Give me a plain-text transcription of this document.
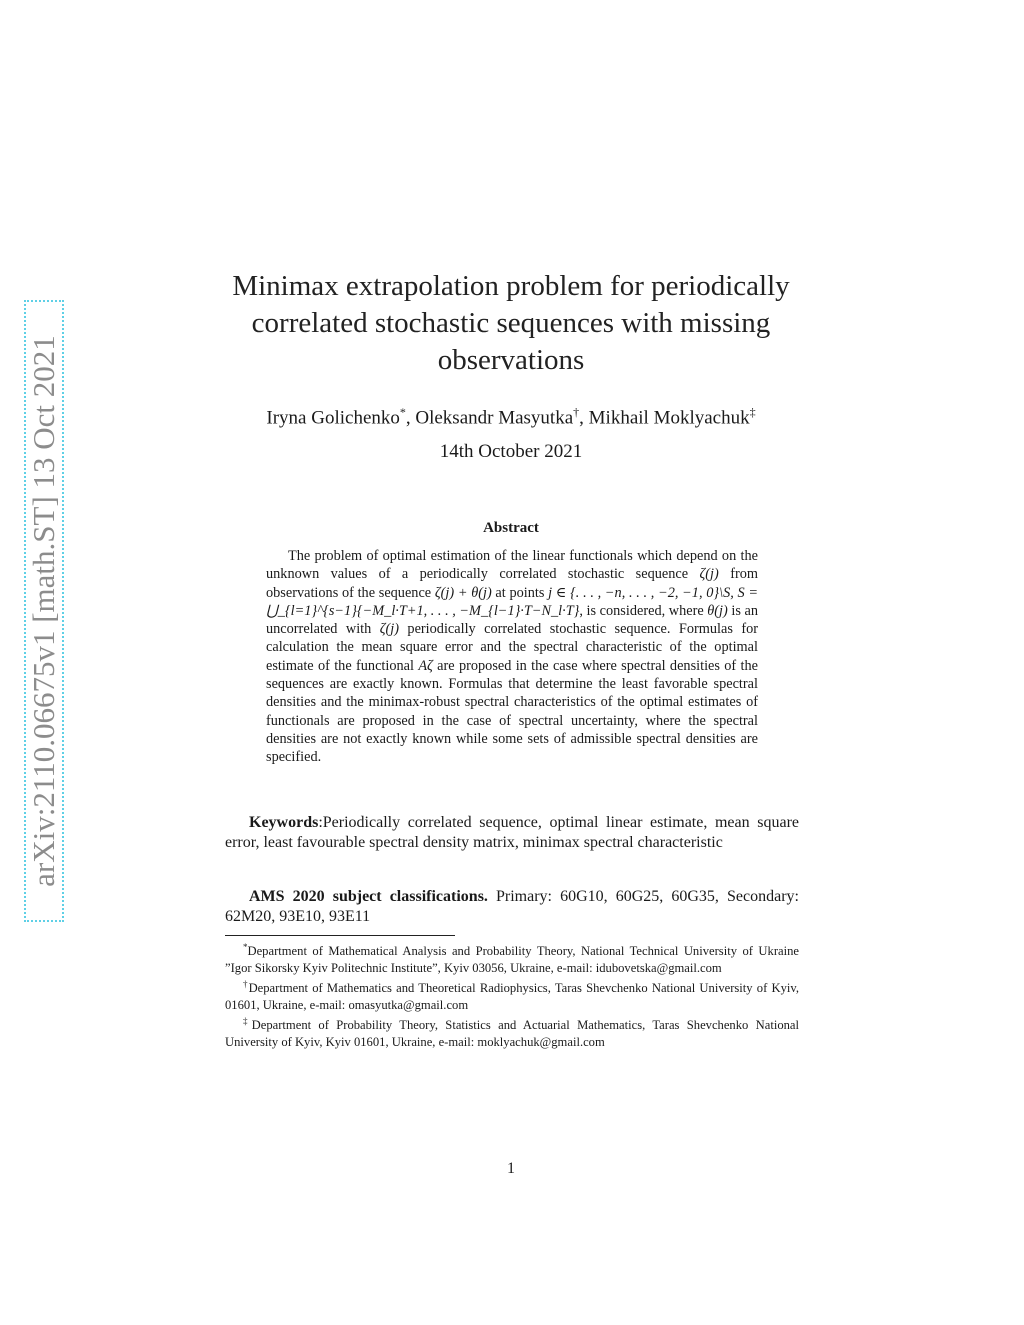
arXiv:2110.06675v1 [math.ST] 13 Oct 2021
Minimax extrapolation problem for periodically correlated stochastic sequences with missing observations
Iryna Golichenko*, Oleksandr Masyutka†, Mikhail Moklyachuk‡
14th October 2021
Abstract
The problem of optimal estimation of the linear functionals which depend on the unknown values of a periodically correlated stochastic sequence ζ(j) from observations of the sequence ζ(j) + θ(j) at points j ∈ {. . . , −n, . . . , −2, −1, 0}\S, S = ⋃_{l=1}^{s−1}{−M_l·T+1, . . . , −M_{l−1}·T−N_l·T}, is considered, where θ(j) is an uncorrelated with ζ(j) periodically correlated stochastic sequence. Formulas for calculation the mean square error and the spectral characteristic of the optimal estimate of the functional Aζ are proposed in the case where spectral densities of the sequences are exactly known. Formulas that determine the least favorable spectral densities and the minimax-robust spectral characteristics of the optimal estimates of functionals are proposed in the case of spectral uncertainty, where the spectral densities are not exactly known while some sets of admissible spectral densities are specified.
Keywords:Periodically correlated sequence, optimal linear estimate, mean square error, least favourable spectral density matrix, minimax spectral characteristic
AMS 2020 subject classifications. Primary: 60G10, 60G25, 60G35, Secondary: 62M20, 93E10, 93E11
*Department of Mathematical Analysis and Probability Theory, National Technical University of Ukraine ”Igor Sikorsky Kyiv Politechnic Institute”, Kyiv 03056, Ukraine, e-mail: idubovetska@gmail.com
†Department of Mathematics and Theoretical Radiophysics, Taras Shevchenko National University of Kyiv, 01601, Ukraine, e-mail: omasyutka@gmail.com
‡Department of Probability Theory, Statistics and Actuarial Mathematics, Taras Shevchenko National University of Kyiv, Kyiv 01601, Ukraine, e-mail: moklyachuk@gmail.com
1
